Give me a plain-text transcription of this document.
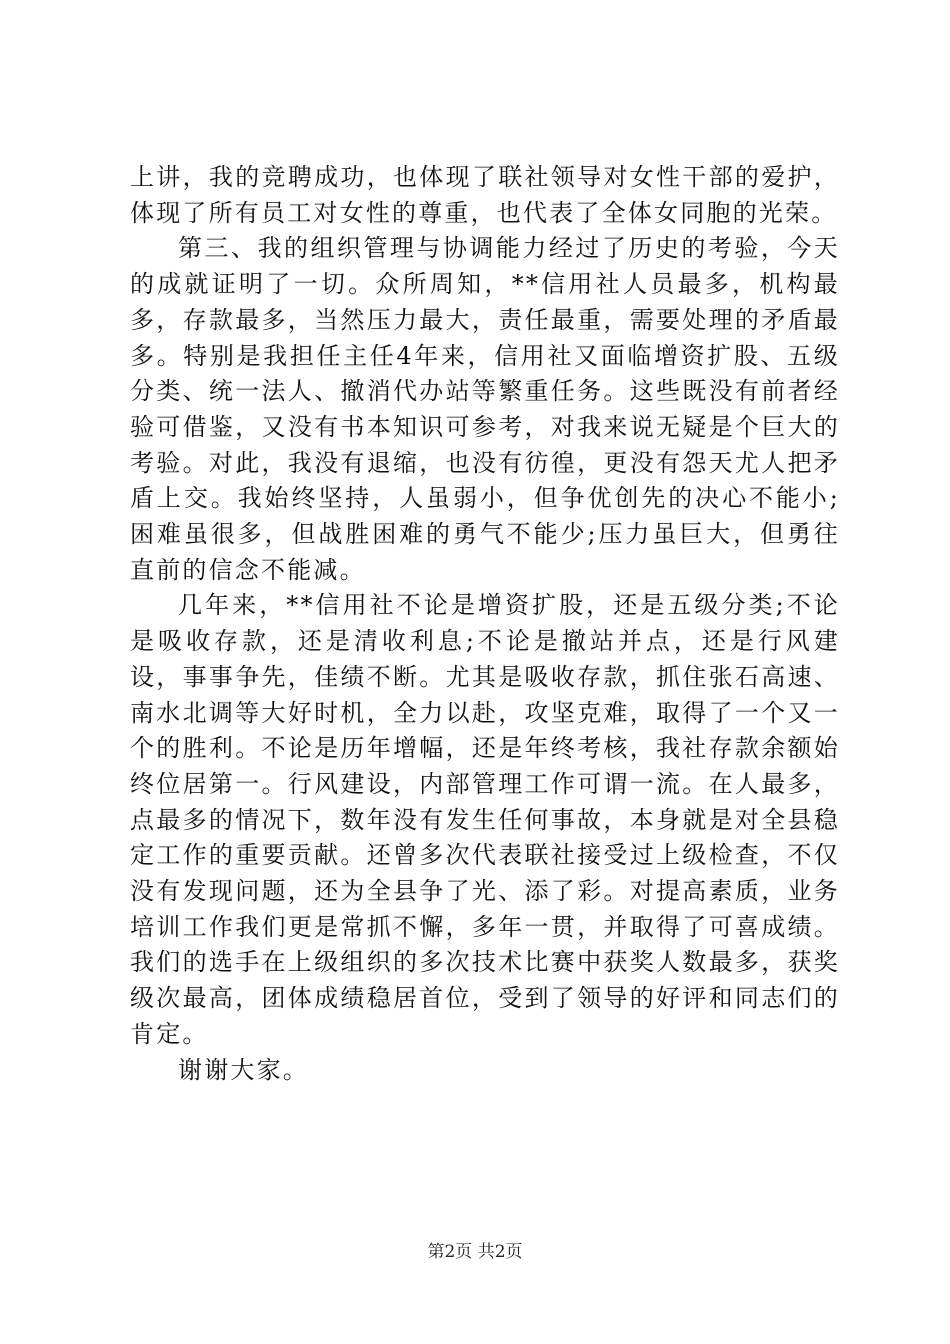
上讲，我的竞聘成功，也体现了联社领导对女性干部的爱护，体现了所有员工对女性的尊重，也代表了全体女同胞的光荣。

第三、我的组织管理与协调能力经过了历史的考验，今天的成就证明了一切。众所周知，**信用社人员最多，机构最多，存款最多，当然压力最大，责任最重，需要处理的矛盾最多。特别是我担任主任4年来，信用社又面临增资扩股、五级分类、统一法人、撤消代办站等繁重任务。这些既没有前者经验可借鉴，又没有书本知识可参考，对我来说无疑是个巨大的考验。对此，我没有退缩，也没有彷徨，更没有怨天尤人把矛盾上交。我始终坚持，人虽弱小，但争优创先的决心不能小;困难虽很多，但战胜困难的勇气不能少;压力虽巨大，但勇往直前的信念不能减。

几年来，**信用社不论是增资扩股，还是五级分类;不论是吸收存款，还是清收利息;不论是撤站并点，还是行风建设，事事争先，佳绩不断。尤其是吸收存款，抓住张石高速、南水北调等大好时机，全力以赴，攻坚克难，取得了一个又一个的胜利。不论是历年增幅，还是年终考核，我社存款余额始终位居第一。行风建设，内部管理工作可谓一流。在人最多，点最多的情况下，数年没有发生任何事故，本身就是对全县稳定工作的重要贡献。还曾多次代表联社接受过上级检查，不仅没有发现问题，还为全县争了光、添了彩。对提高素质，业务培训工作我们更是常抓不懈，多年一贯，并取得了可喜成绩。我们的选手在上级组织的多次技术比赛中获奖人数最多，获奖级次最高，团体成绩稳居首位，受到了领导的好评和同志们的肯定。

谢谢大家。

第2页 共2页
